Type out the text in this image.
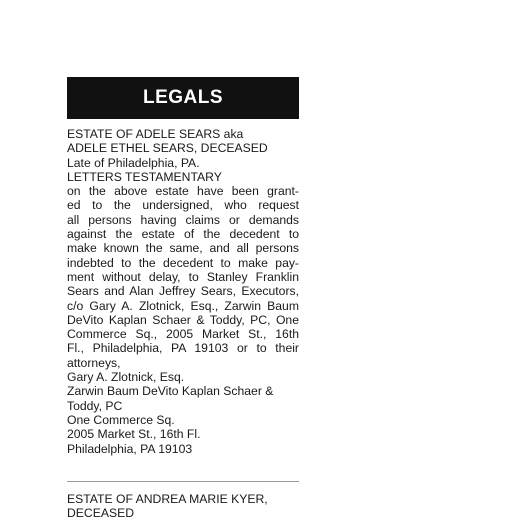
LEGALS
ESTATE OF ADELE SEARS aka
ADELE ETHEL SEARS, DECEASED
Late of Philadelphia, PA.
LETTERS TESTAMENTARY
on the above estate have been grant-
ed to the undersigned, who request
all persons having claims or demands
against the estate of the decedent to
make known the same, and all persons
indebted to the decedent to make pay-
ment without delay, to Stanley Franklin
Sears and Alan Jeffrey Sears, Executors,
c/o Gary A. Zlotnick, Esq., Zarwin Baum
DeVito Kaplan Schaer & Toddy, PC, One
Commerce Sq., 2005 Market St., 16th
Fl., Philadelphia, PA 19103 or to their
attorneys,
Gary A. Zlotnick, Esq.
Zarwin Baum DeVito Kaplan Schaer &
Toddy, PC
One Commerce Sq.
2005 Market St., 16th Fl.
Philadelphia, PA 19103
ESTATE OF ANDREA MARIE KYER,
DECEASED
